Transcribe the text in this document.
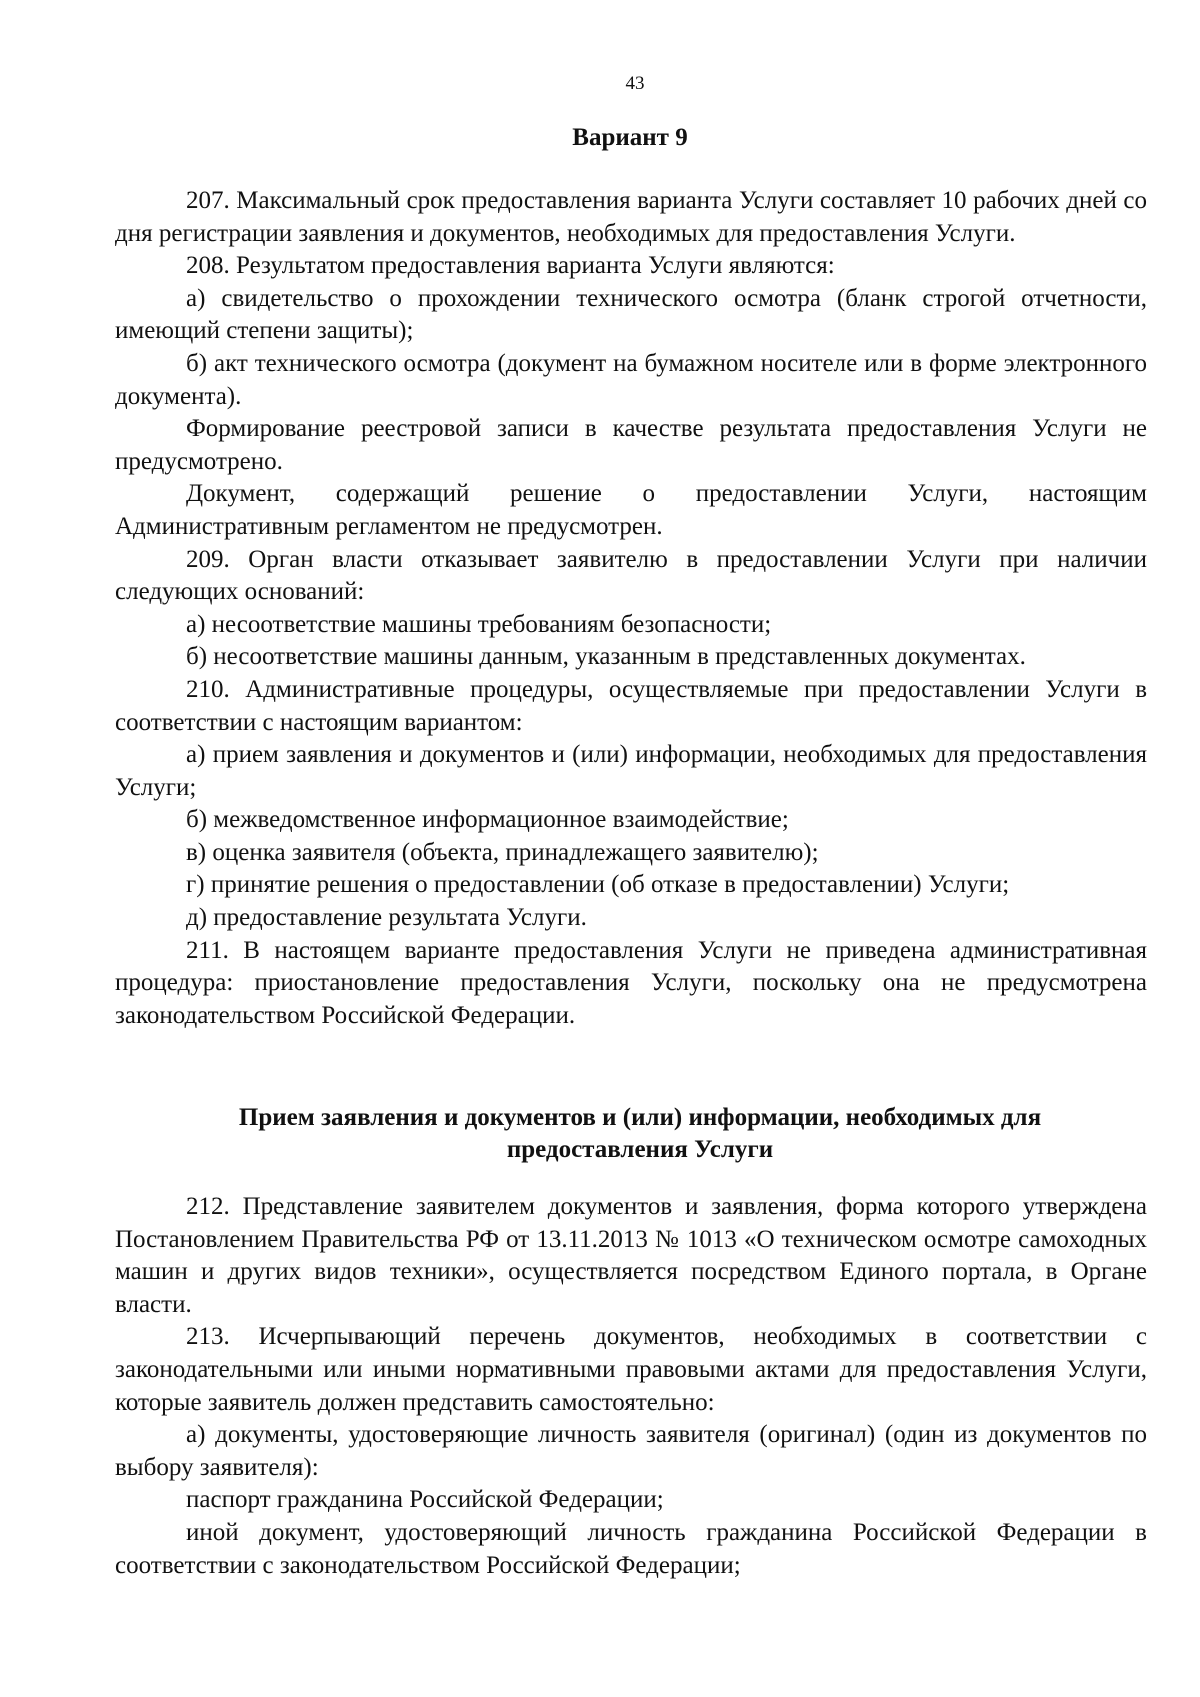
43
Вариант 9

207. Максимальный срок предоставления варианта Услуги составляет 10 рабочих дней со дня регистрации заявления и документов, необходимых для предоставления Услуги.

208. Результатом предоставления варианта Услуги являются:

а) свидетельство о прохождении технического осмотра (бланк строгой отчетности, имеющий степени защиты);

б) акт технического осмотра (документ на бумажном носителе или в форме электронного документа).

Формирование реестровой записи в качестве результата предоставления Услуги не предусмотрено.

Документ, содержащий решение о предоставлении Услуги, настоящим Административным регламентом не предусмотрен.

209. Орган власти отказывает заявителю в предоставлении Услуги при наличии следующих оснований:

а) несоответствие машины требованиям безопасности;

б) несоответствие машины данным, указанным в представленных документах.

210. Административные процедуры, осуществляемые при предоставлении Услуги в соответствии с настоящим вариантом:

а) прием заявления и документов и (или) информации, необходимых для предоставления Услуги;

б) межведомственное информационное взаимодействие;

в) оценка заявителя (объекта, принадлежащего заявителю);

г) принятие решения о предоставлении (об отказе в предоставлении) Услуги;

д) предоставление результата Услуги.

211. В настоящем варианте предоставления Услуги не приведена административная процедура: приостановление предоставления Услуги, поскольку она не предусмотрена законодательством Российской Федерации.

Прием заявления и документов и (или) информации, необходимых для предоставления Услуги

212. Представление заявителем документов и заявления, форма которого утверждена Постановлением Правительства РФ от 13.11.2013 № 1013 «О техническом осмотре самоходных машин и других видов техники», осуществляется посредством Единого портала, в Органе власти.

213. Исчерпывающий перечень документов, необходимых в соответствии с законодательными или иными нормативными правовыми актами для предоставления Услуги, которые заявитель должен представить самостоятельно:

а) документы, удостоверяющие личность заявителя (оригинал) (один из документов по выбору заявителя):

паспорт гражданина Российской Федерации;

иной документ, удостоверяющий личность гражданина Российской Федерации в соответствии с законодательством Российской Федерации;
